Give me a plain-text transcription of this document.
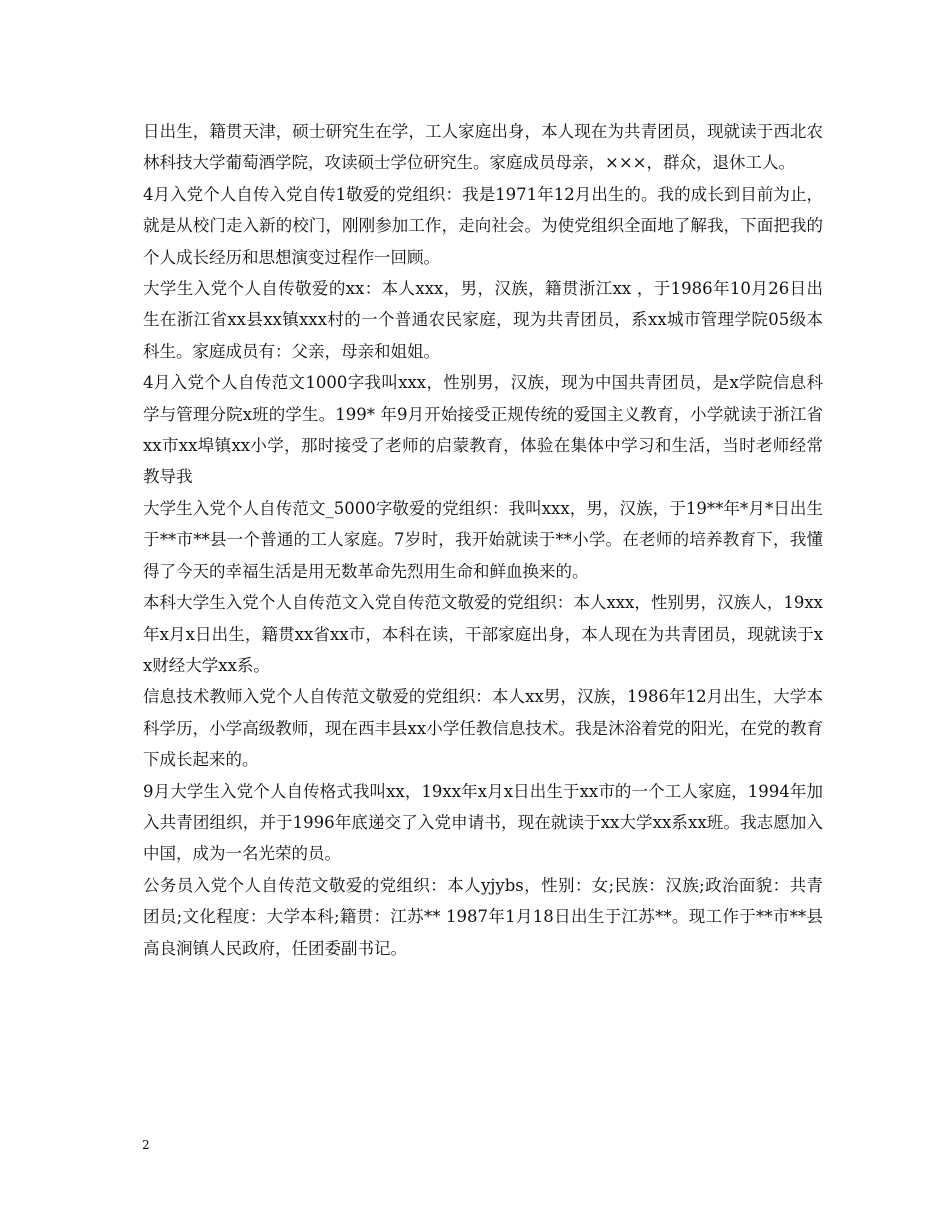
日出生，籍贯天津，硕士研究生在学，工人家庭出身，本人现在为共青团员，现就读于西北农林科技大学葡萄酒学院，攻读硕士学位研究生。家庭成员母亲，×××，群众，退休工人。

4月入党个人自传入党自传1敬爱的党组织：我是1971年12月出生的。我的成长到目前为止，就是从校门走入新的校门，刚刚参加工作，走向社会。为使党组织全面地了解我，下面把我的个人成长经历和思想演变过程作一回顾。

大学生入党个人自传敬爱的xx：本人xxx，男，汉族，籍贯浙江xx ，于1986年10月26日出生在浙江省xx县xx镇xxx村的一个普通农民家庭，现为共青团员，系xx城市管理学院05级本科生。家庭成员有：父亲，母亲和姐姐。

4月入党个人自传范文1000字我叫xxx，性别男，汉族，现为中国共青团员，是x学院信息科学与管理分院x班的学生。199* 年9月开始接受正规传统的爱国主义教育，小学就读于浙江省xx市xx埠镇xx小学，那时接受了老师的启蒙教育，体验在集体中学习和生活，当时老师经常教导我

大学生入党个人自传范文_5000字敬爱的党组织：我叫xxx，男，汉族，于19**年*月*日出生于**市**县一个普通的工人家庭。7岁时，我开始就读于**小学。在老师的培养教育下，我懂得了今天的幸福生活是用无数革命先烈用生命和鲜血换来的。

本科大学生入党个人自传范文入党自传范文敬爱的党组织：本人xxx，性别男，汉族人，19xx年x月x日出生，籍贯xx省xx市，本科在读，干部家庭出身，本人现在为共青团员，现就读于xx财经大学xx系。

信息技术教师入党个人自传范文敬爱的党组织：本人xx男，汉族，1986年12月出生，大学本科学历，小学高级教师，现在西丰县xx小学任教信息技术。我是沐浴着党的阳光，在党的教育下成长起来的。

9月大学生入党个人自传格式我叫xx，19xx年x月x日出生于xx市的一个工人家庭，1994年加入共青团组织，并于1996年底递交了入党申请书，现在就读于xx大学xx系xx班。我志愿加入中国，成为一名光荣的员。

公务员入党个人自传范文敬爱的党组织：本人yjybs，性别：女;民族：汉族;政治面貌：共青团员;文化程度：大学本科;籍贯：江苏** 1987年1月18日出生于江苏**。现工作于**市**县高良涧镇人民政府，任团委副书记。

2
